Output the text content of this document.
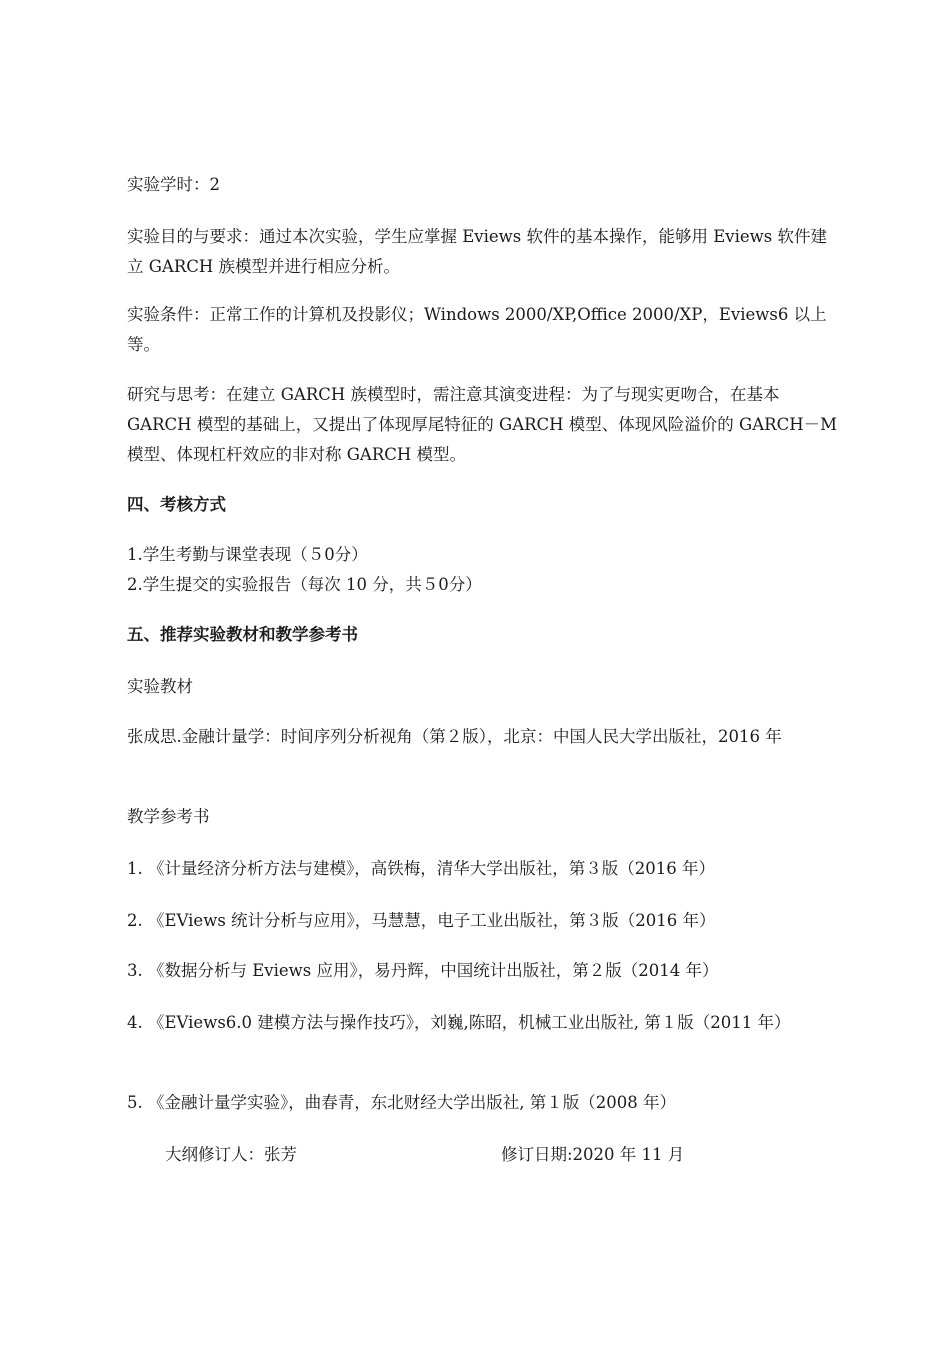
实验学时：2

实验目的与要求：通过本次实验，学生应掌握 Eviews 软件的基本操作，能够用 Eviews 软件建立 GARCH 族模型并进行相应分析。

实验条件：正常工作的计算机及投影仪；Windows 2000/XP,Office 2000/XP，Eviews6 以上等。

研究与思考：在建立 GARCH 族模型时，需注意其演变进程：为了与现实更吻合，在基本 GARCH 模型的基础上，又提出了体现厚尾特征的 GARCH 模型、体现风险溢价的 GARCH－M模型、体现杠杆效应的非对称 GARCH 模型。

四、考核方式

1.学生考勤与课堂表现（５0分）

2.学生提交的实验报告（每次 10 分，共５0分）

五、推荐实验教材和教学参考书

实验教材

张成思.金融计量学：时间序列分析视角（第２版），北京：中国人民大学出版社，2016 年

教学参考书

1. 《计量经济分析方法与建模》，高铁梅，清华大学出版社，第３版（2016 年）

2. 《EViews 统计分析与应用》，马慧慧，电子工业出版社，第３版（2016 年）

3. 《数据分析与 Eviews 应用》，易丹辉，中国统计出版社，第２版（2014 年）

4. 《EViews6.0 建模方法与操作技巧》，刘巍,陈昭，机械工业出版社, 第１版（2011 年）

5. 《金融计量学实验》，曲春青，东北财经大学出版社, 第１版（2008 年）

大纲修订人：张芳	修订日期:2020 年 11 月
